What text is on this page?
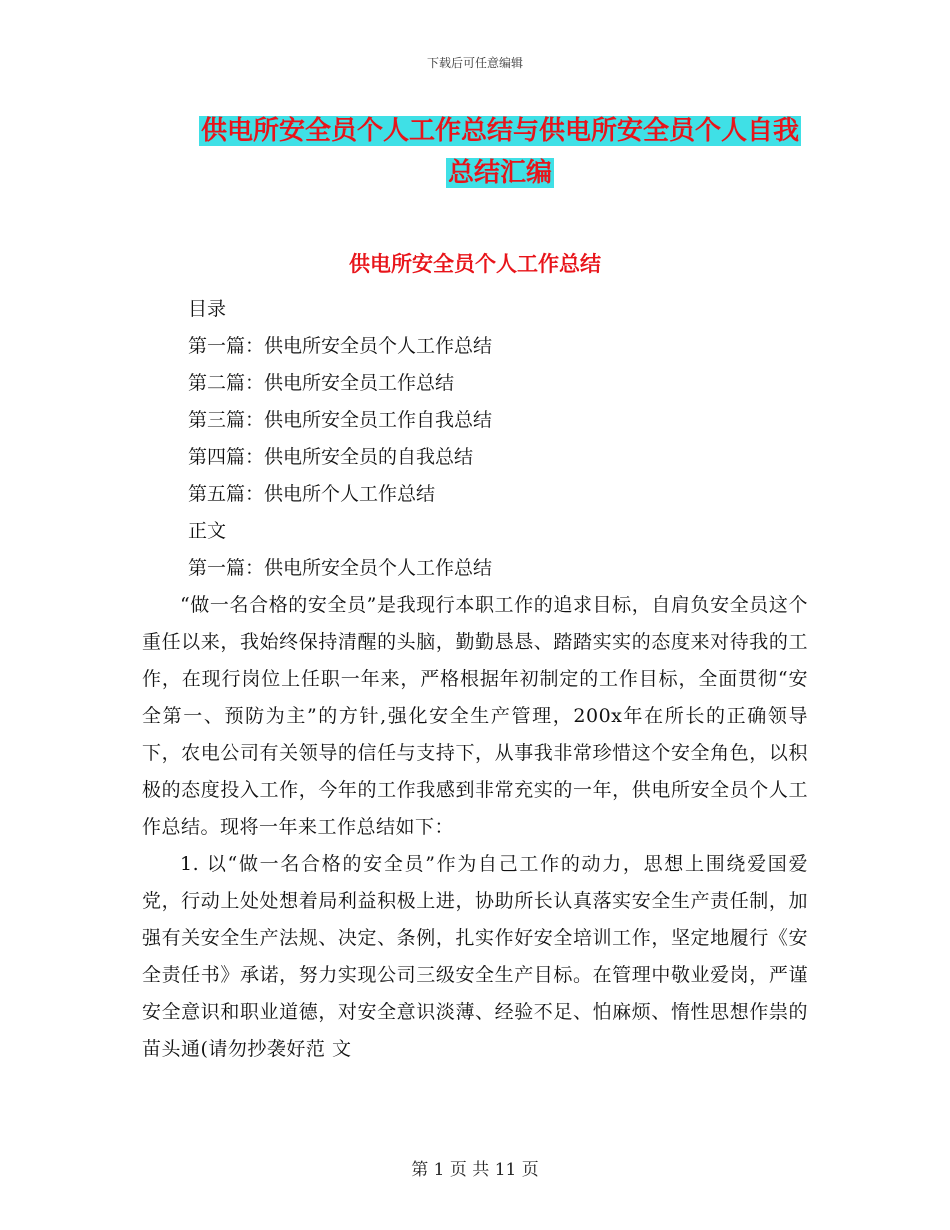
下载后可任意编辑
供电所安全员个人工作总结与供电所安全员个人自我
总结汇编
供电所安全员个人工作总结
目录
第一篇：供电所安全员个人工作总结
第二篇：供电所安全员工作总结
第三篇：供电所安全员工作自我总结
第四篇：供电所安全员的自我总结
第五篇：供电所个人工作总结
正文
第一篇：供电所安全员个人工作总结
“做一名合格的安全员”是我现行本职工作的追求目标，自肩负安全员这个重任以来，我始终保持清醒的头脑，勤勤恳恳、踏踏实实的态度来对待我的工作，在现行岗位上任职一年来，严格根据年初制定的工作目标，全面贯彻“安全第一、预防为主”的方针,强化安全生产管理，200x年在所长的正确领导下，农电公司有关领导的信任与支持下，从事我非常珍惜这个安全角色，以积极的态度投入工作，今年的工作我感到非常充实的一年，供电所安全员个人工作总结。现将一年来工作总结如下：
1. 以“做一名合格的安全员”作为自己工作的动力，思想上围绕爱国爱党，行动上处处想着局利益积极上进，协助所长认真落实安全生产责任制，加强有关安全生产法规、决定、条例，扎实作好安全培训工作，坚定地履行《安全责任书》承诺，努力实现公司三级安全生产目标。在管理中敬业爱岗，严谨安全意识和职业道德，对安全意识淡薄、经验不足、怕麻烦、惰性思想作祟的苗头通(请勿抄袭好范 文
第 1 页 共 11 页
